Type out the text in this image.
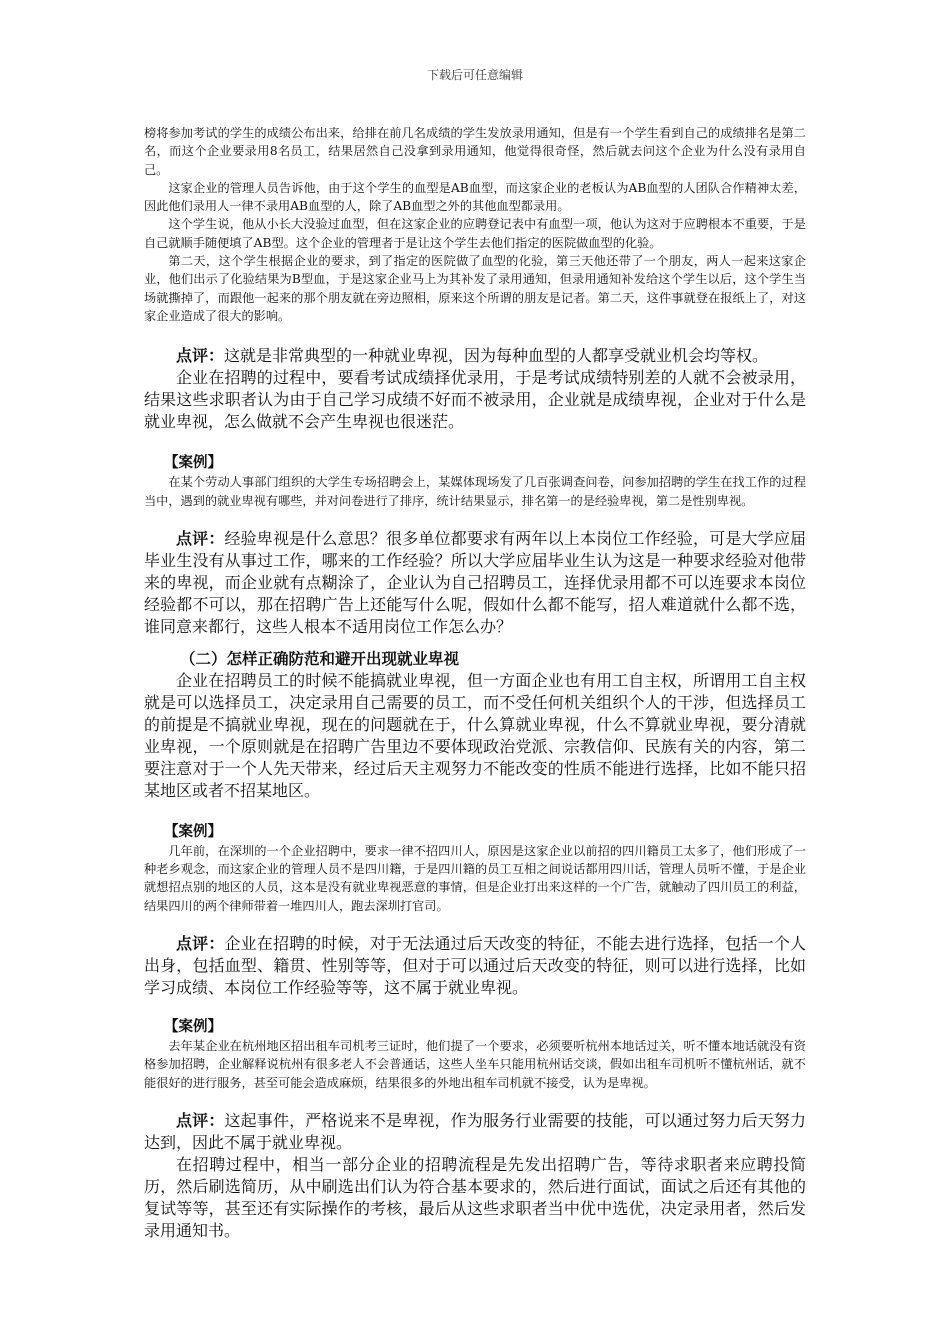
下载后可任意编辑

榜将参加考试的学生的成绩公布出来，给排在前几名成绩的学生发放录用通知，但是有一个学生看到自己的成绩排名是第二名，而这个企业要录用8名员工，结果居然自己没拿到录用通知，他觉得很奇怪，然后就去问这个企业为什么没有录用自己。

这家企业的管理人员告诉他，由于这个学生的血型是AB血型，而这家企业的老板认为AB血型的人团队合作精神太差，因此他们录用人一律不录用AB血型的人，除了AB血型之外的其他血型都录用。

这个学生说，他从小长大没验过血型，但在这家企业的应聘登记表中有血型一项，他认为这对于应聘根本不重要，于是自己就顺手随便填了AB型。这个企业的管理者于是让这个学生去他们指定的医院做血型的化验。

第二天，这个学生根据企业的要求，到了指定的医院做了血型的化验，第三天他还带了一个朋友，两人一起来这家企业，他们出示了化验结果为B型血，于是这家企业马上为其补发了录用通知，但录用通知补发给这个学生以后，这个学生当场就撕掉了，而跟他一起来的那个朋友就在旁边照相，原来这个所谓的朋友是记者。第二天，这件事就登在报纸上了，对这家企业造成了很大的影响。

点评：这就是非常典型的一种就业卑视，因为每种血型的人都享受就业机会均等权。

企业在招聘的过程中，要看考试成绩择优录用，于是考试成绩特别差的人就不会被录用，结果这些求职者认为由于自己学习成绩不好而不被录用，企业就是成绩卑视，企业对于什么是就业卑视，怎么做就不会产生卑视也很迷茫。

【案例】

在某个劳动人事部门组织的大学生专场招聘会上，某媒体现场发了几百张调查问卷，问参加招聘的学生在找工作的过程当中，遇到的就业卑视有哪些，并对问卷进行了排序，统计结果显示，排名第一的是经验卑视，第二是性别卑视。

点评：经验卑视是什么意思？很多单位都要求有两年以上本岗位工作经验，可是大学应届毕业生没有从事过工作，哪来的工作经验？所以大学应届毕业生认为这是一种要求经验对他带来的卑视，而企业就有点糊涂了，企业认为自己招聘员工，连择优录用都不可以连要求本岗位经验都不可以，那在招聘广告上还能写什么呢，假如什么都不能写，招人难道就什么都不选，谁同意来都行，这些人根本不适用岗位工作怎么办？

（二）怎样正确防范和避开出现就业卑视

企业在招聘员工的时候不能搞就业卑视，但一方面企业也有用工自主权，所谓用工自主权就是可以选择员工，决定录用自己需要的员工，而不受任何机关组织个人的干涉，但选择员工的前提是不搞就业卑视，现在的问题就在于，什么算就业卑视，什么不算就业卑视，要分清就业卑视，一个原则就是在招聘广告里边不要体现政治党派、宗教信仰、民族有关的内容，第二要注意对于一个人先天带来，经过后天主观努力不能改变的性质不能进行选择，比如不能只招某地区或者不招某地区。

【案例】

几年前，在深圳的一个企业招聘中，要求一律不招四川人，原因是这家企业以前招的四川籍员工太多了，他们形成了一种老乡观念，而这家企业的管理人员不是四川籍，于是四川籍的员工互相之间说话都用四川话，管理人员听不懂，于是企业就想招点别的地区的人员，这本是没有就业卑视恶意的事情，但是企业打出来这样的一个广告，就触动了四川员工的利益，结果四川的两个律师带着一堆四川人，跑去深圳打官司。

点评：企业在招聘的时候，对于无法通过后天改变的特征，不能去进行选择，包括一个人出身，包括血型、籍贯、性别等等，但对于可以通过后天改变的特征，则可以进行选择，比如学习成绩、本岗位工作经验等等，这不属于就业卑视。

【案例】

去年某企业在杭州地区招出租车司机考三证时，他们提了一个要求，必须要听杭州本地话过关，听不懂本地话就没有资格参加招聘，企业解释说杭州有很多老人不会普通话，这些人坐车只能用杭州话交谈，假如出租车司机听不懂杭州话，就不能很好的进行服务，甚至可能会造成麻烦，结果很多的外地出租车司机就不接受，认为是卑视。

点评：这起事件，严格说来不是卑视，作为服务行业需要的技能，可以通过努力后天努力达到，因此不属于就业卑视。

在招聘过程中，相当一部分企业的招聘流程是先发出招聘广告，等待求职者来应聘投简历，然后刷选简历，从中刷选出们认为符合基本要求的，然后进行面试，面试之后还有其他的复试等等，甚至还有实际操作的考核，最后从这些求职者当中优中选优，决定录用者，然后发录用通知书。
